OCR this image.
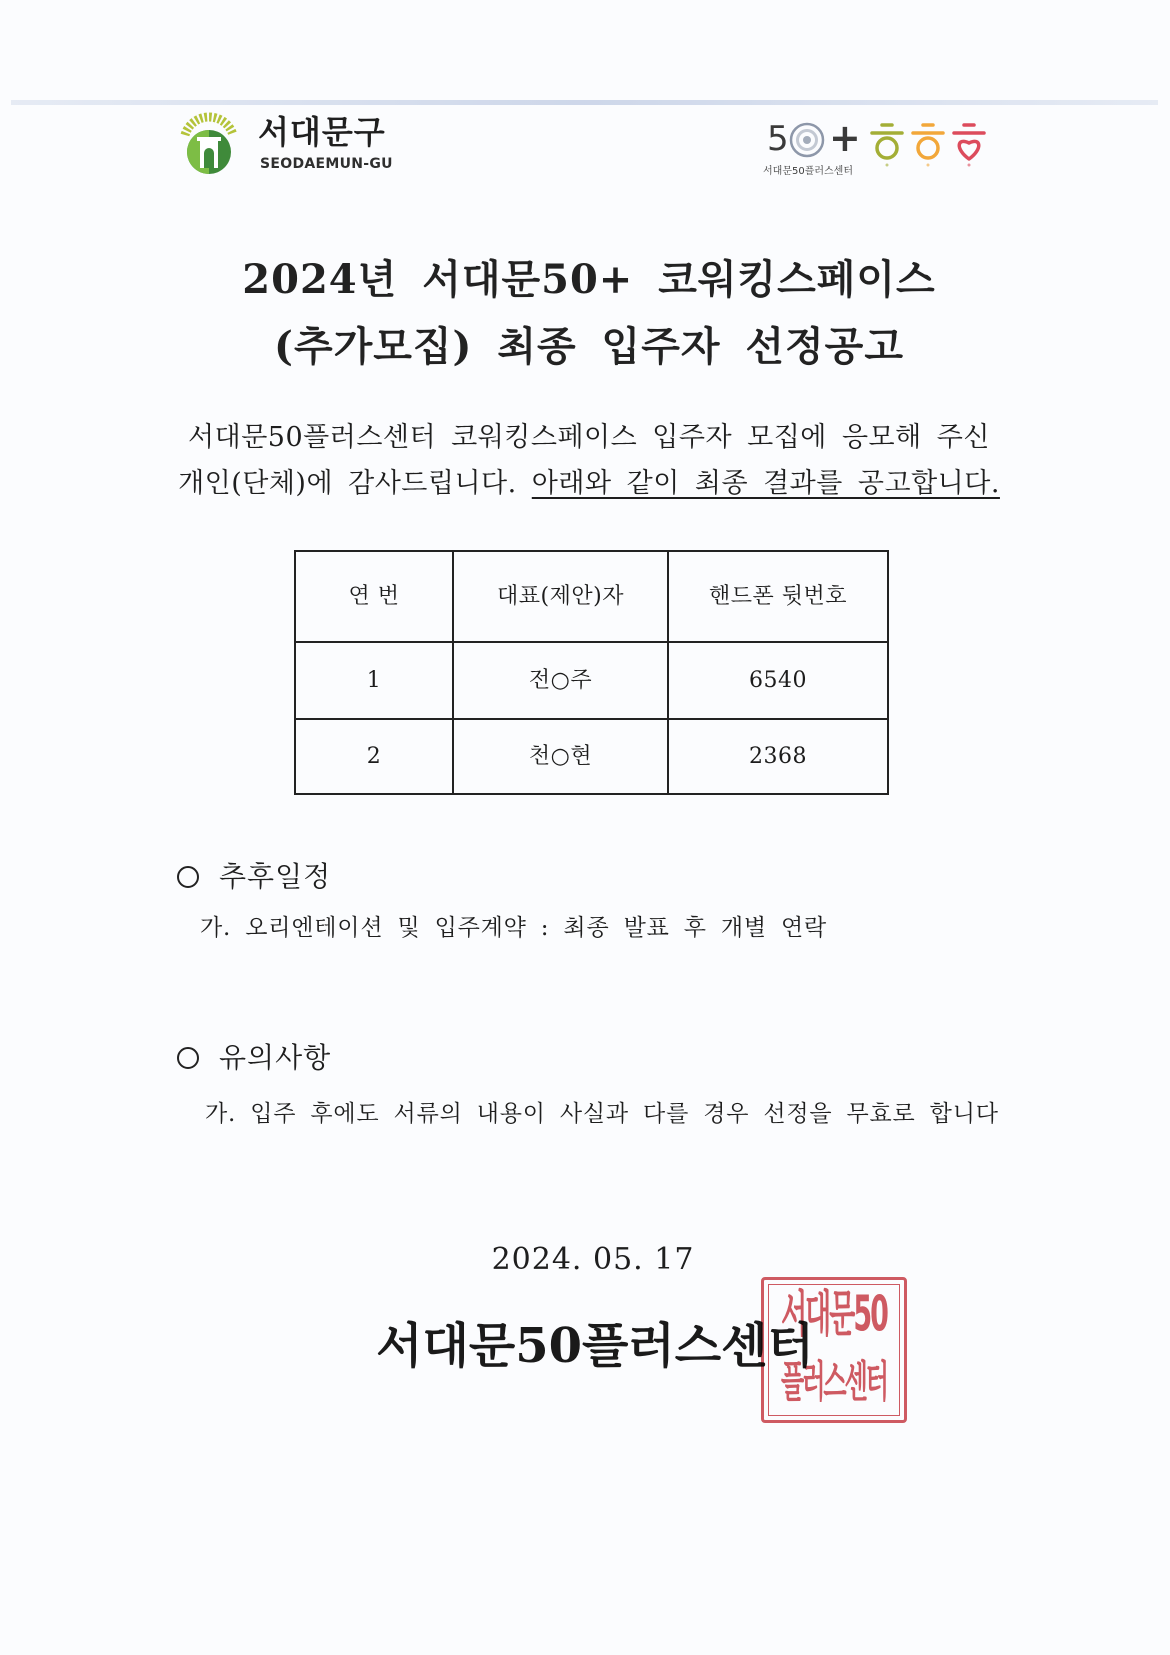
서대문구
SEODAEMUN-GU
5 +
서대문50플러스센터
2024년 서대문50+ 코워킹스페이스
(추가모집) 최종 입주자 선정공고
서대문50플러스센터 코워킹스페이스 입주자 모집에 응모해 주신
개인(단체)에 감사드립니다. 아래와 같이 최종 결과를 공고합니다.
연 번	대표(제안)자	핸드폰 뒷번호
1	전○주	6540
2	천○현	2368
추후일정
가. 오리엔테이션 및 입주계약 : 최종 발표 후 개별 연락
유의사항
가. 입주 후에도 서류의 내용이 사실과 다를 경우 선정을 무효로 합니다
2024. 05. 17
서대문50플러스센터
서대문50
플러스센터
